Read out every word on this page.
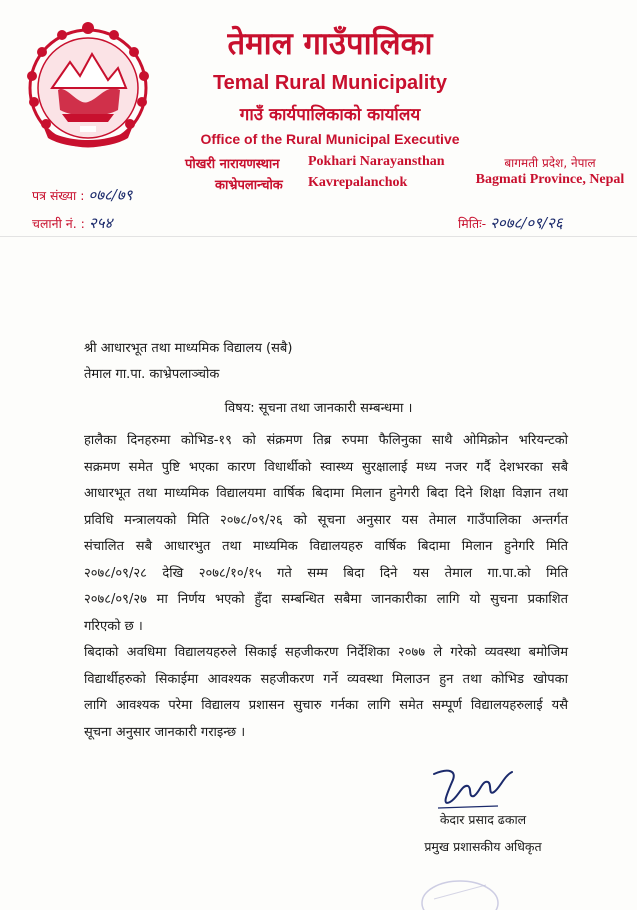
तेमाल गाउँपालिका
Temal Rural Municipality
गाउँ कार्यपालिकाको कार्यालय
Office of the Rural Municipal Executive
पोखरी नारायणस्थान	Pokhari Narayansthan
काभ्रेपलान्चोक	Kavrepalanchok
बागमती प्रदेश, नेपाल
Bagmati Province, Nepal
पत्र संख्या : ०७८/७९
चलानी नं. : २५४	मितिः- २०७८/०९/२६
श्री आधारभूत तथा माध्यमिक विद्यालय (सबै)
तेमाल गा.पा. काभ्रेपलाञ्चोक
विषय: सूचना तथा जानकारी सम्बन्धमा ।
हालैका दिनहरुमा कोभिड-१९ को संक्रमण तिब्र रुपमा फैलिनुका साथै ओमिक्रोन भरियन्टको
सक्रमण समेत पुष्टि भएका कारण विधार्थीको स्वास्थ्य सुरक्षालाई मध्य नजर गर्दै देशभरका सबै
आधारभूत तथा माध्यमिक विद्यालयमा वार्षिक बिदामा मिलान हुनेगरी बिदा दिने शिक्षा विज्ञान तथा
प्रविधि मन्त्रालयको मिति २०७८/०९/२६ को सूचना अनुसार यस तेमाल गाउँपालिका अन्तर्गत
संचालित सबै आधारभुत तथा माध्यमिक विद्यालयहरु वार्षिक बिदामा मिलान हुनेगरि मिति
२०७८/०९/२८ देखि २०७८/१०/१५ गते सम्म बिदा दिने यस तेमाल गा.पा.को मिति
२०७८/०९/२७ मा निर्णय भएको हुँदा सम्बन्धित सबैमा जानकारीका लागि यो सुचना प्रकाशित
गरिएको छ ।
बिदाको अवधिमा विद्यालयहरुले सिकाई सहजीकरण निर्देशिका २०७७ ले गरेको व्यवस्था बमोजिम
विद्यार्थीहरुको सिकाईमा आवश्यक सहजीकरण गर्ने व्यवस्था मिलाउन हुन तथा कोभिड खोपका
लागि आवश्यक परेमा विद्यालय प्रशासन सुचारु गर्नका लागि समेत सम्पूर्ण विद्यालयहरुलाई यसै
सूचना अनुसार जानकारी गराइन्छ ।
केदार प्रसाद ढकाल
प्रमुख प्रशासकीय अधिकृत
